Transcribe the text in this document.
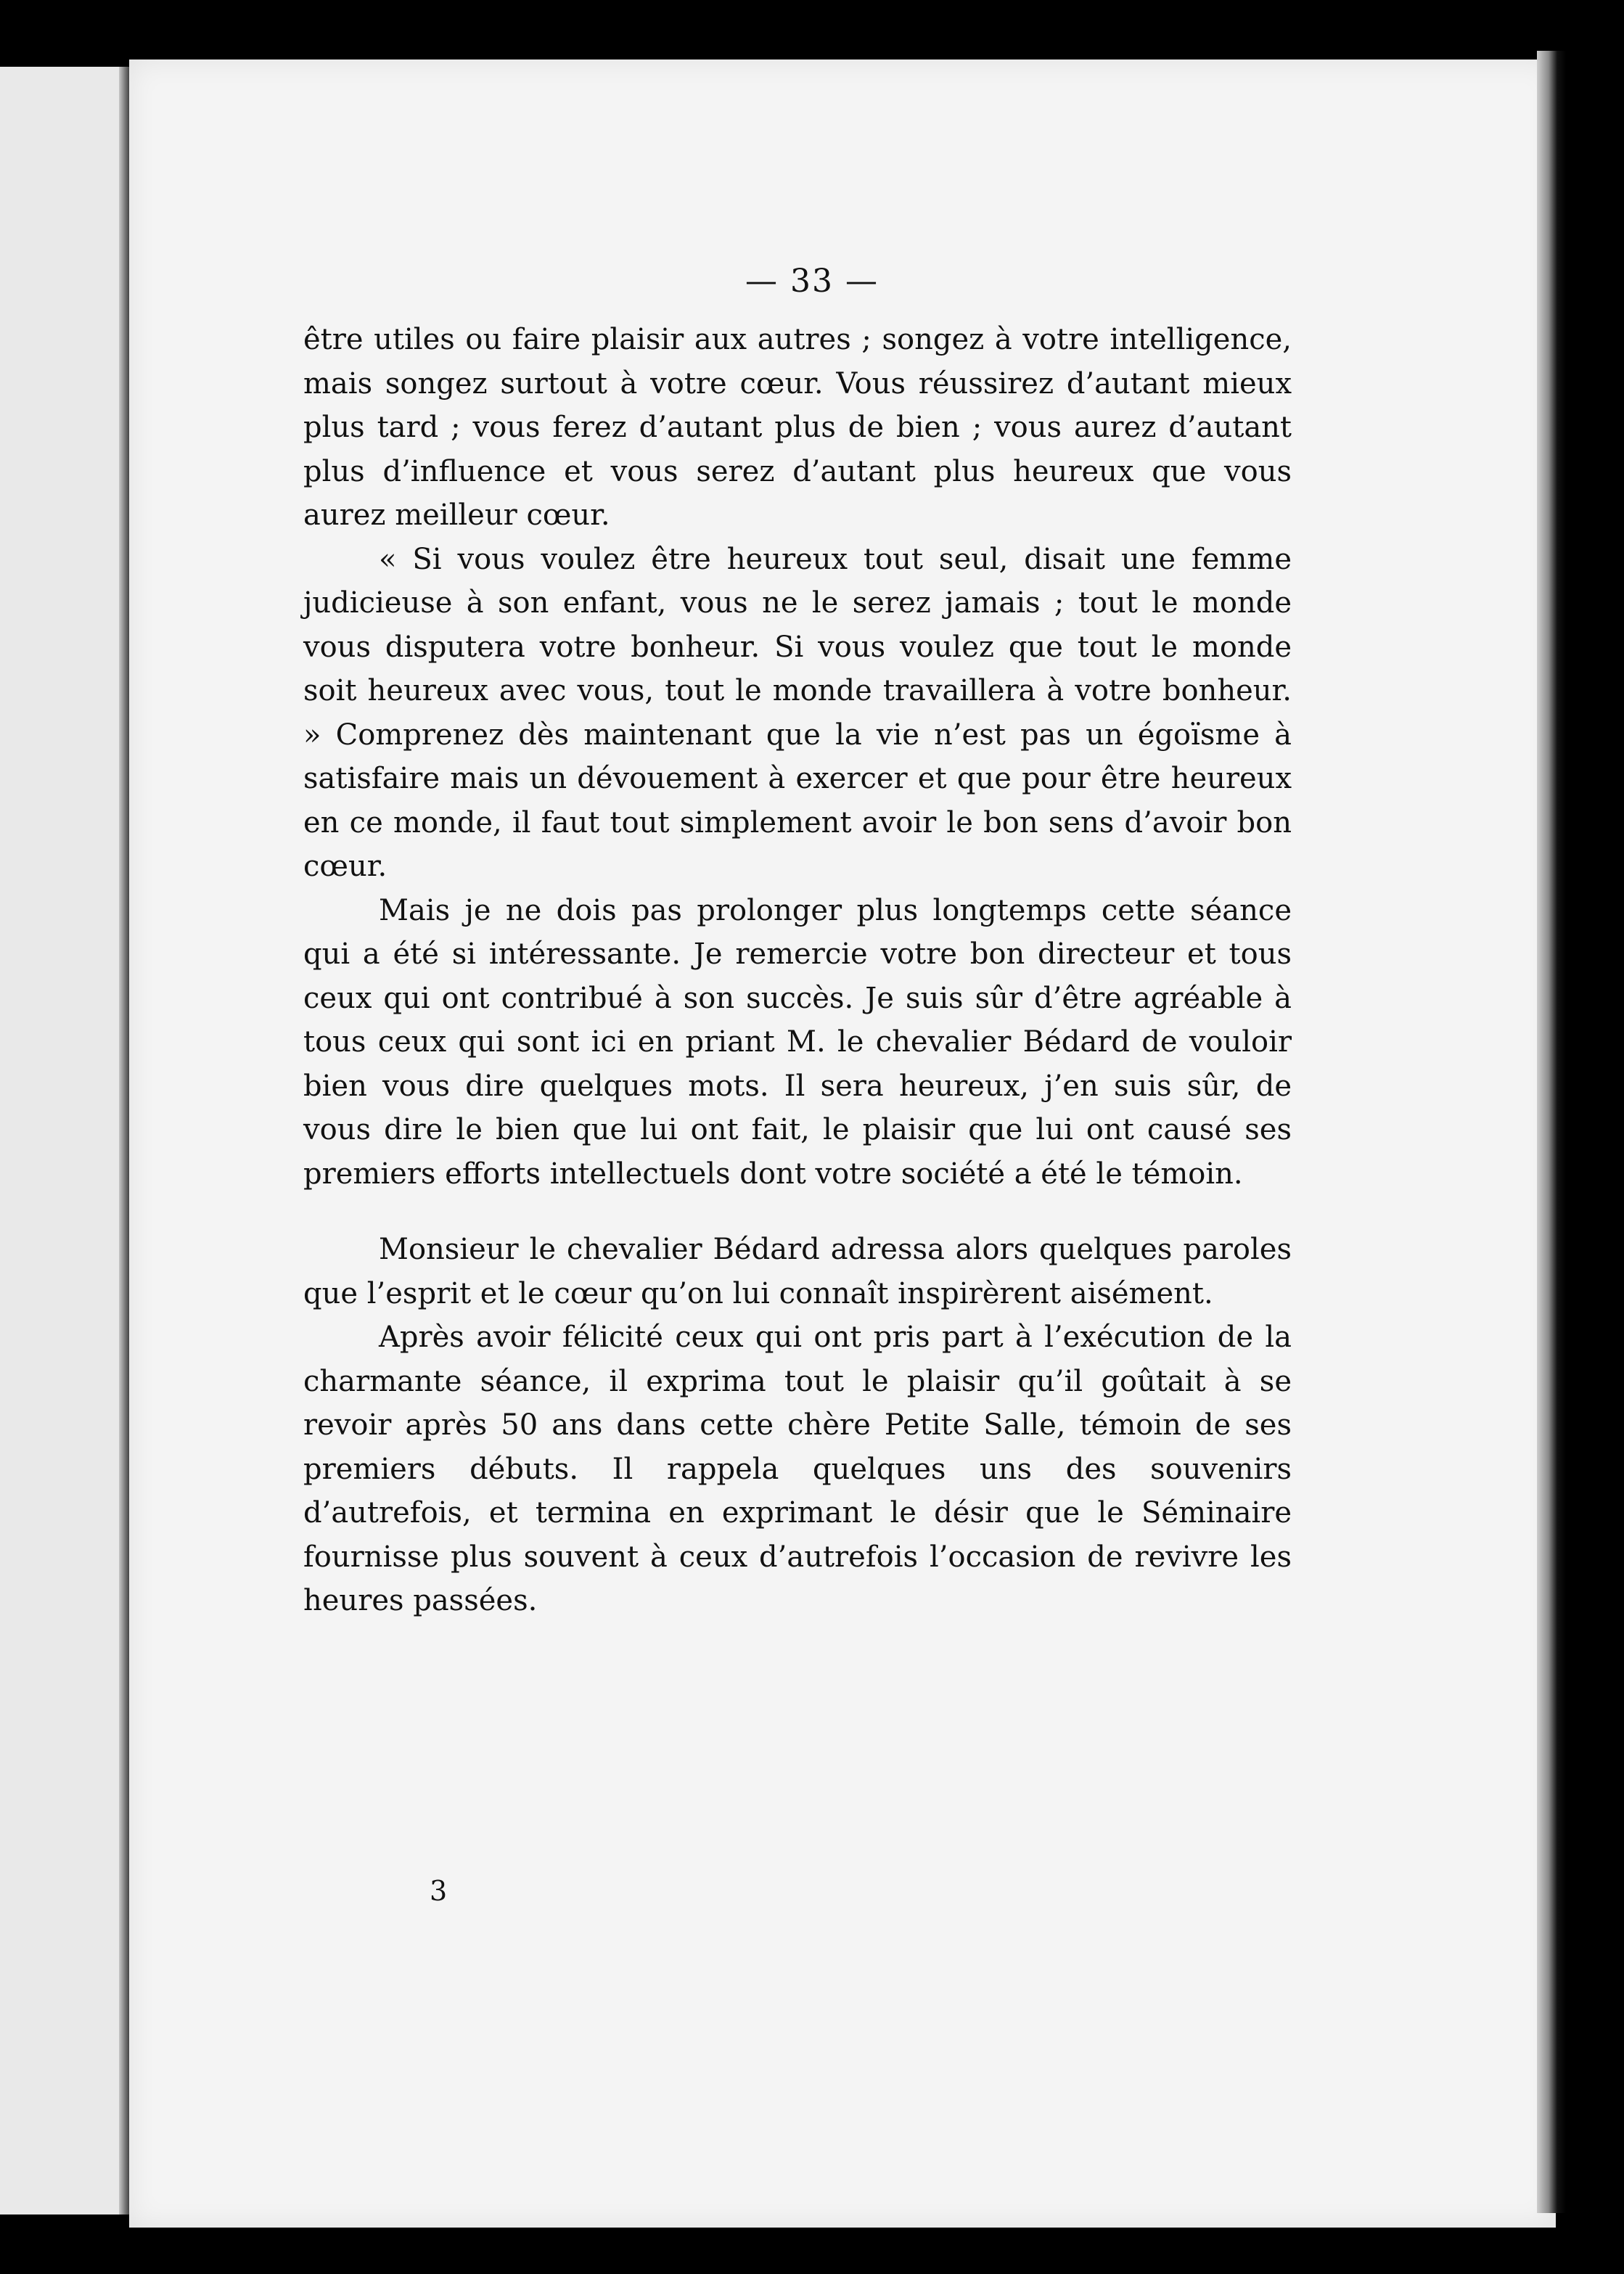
— 33 —

être utiles ou faire plaisir aux autres ; songez à votre intelligence, mais songez surtout à votre cœur. Vous réussirez d’autant mieux plus tard ; vous ferez d’autant plus de bien ; vous aurez d’autant plus d’influence et vous serez d’autant plus heureux que vous aurez meilleur cœur.

« Si vous voulez être heureux tout seul, disait une femme judicieuse à son enfant, vous ne le serez jamais ; tout le monde vous disputera votre bonheur. Si vous voulez que tout le monde soit heureux avec vous, tout le monde travaillera à votre bonheur. » Comprenez dès maintenant que la vie n’est pas un égoïsme à satisfaire mais un dévouement à exercer et que pour être heureux en ce monde, il faut tout simplement avoir le bon sens d’avoir bon cœur.

Mais je ne dois pas prolonger plus longtemps cette séance qui a été si intéressante. Je remercie votre bon directeur et tous ceux qui ont contribué à son succès. Je suis sûr d’être agréable à tous ceux qui sont ici en priant M. le chevalier Bédard de vouloir bien vous dire quelques mots. Il sera heureux, j’en suis sûr, de vous dire le bien que lui ont fait, le plaisir que lui ont causé ses premiers efforts intellectuels dont votre société a été le témoin.

Monsieur le chevalier Bédard adressa alors quelques paroles que l’esprit et le cœur qu’on lui connaît inspirèrent aisément.

Après avoir félicité ceux qui ont pris part à l’exécution de la charmante séance, il exprima tout le plaisir qu’il goûtait à se revoir après 50 ans dans cette chère Petite Salle, témoin de ses premiers débuts. Il rappela quelques uns des souvenirs d’autrefois, et termina en exprimant le désir que le Séminaire fournisse plus souvent à ceux d’autrefois l’occasion de revivre les heures passées.

3
